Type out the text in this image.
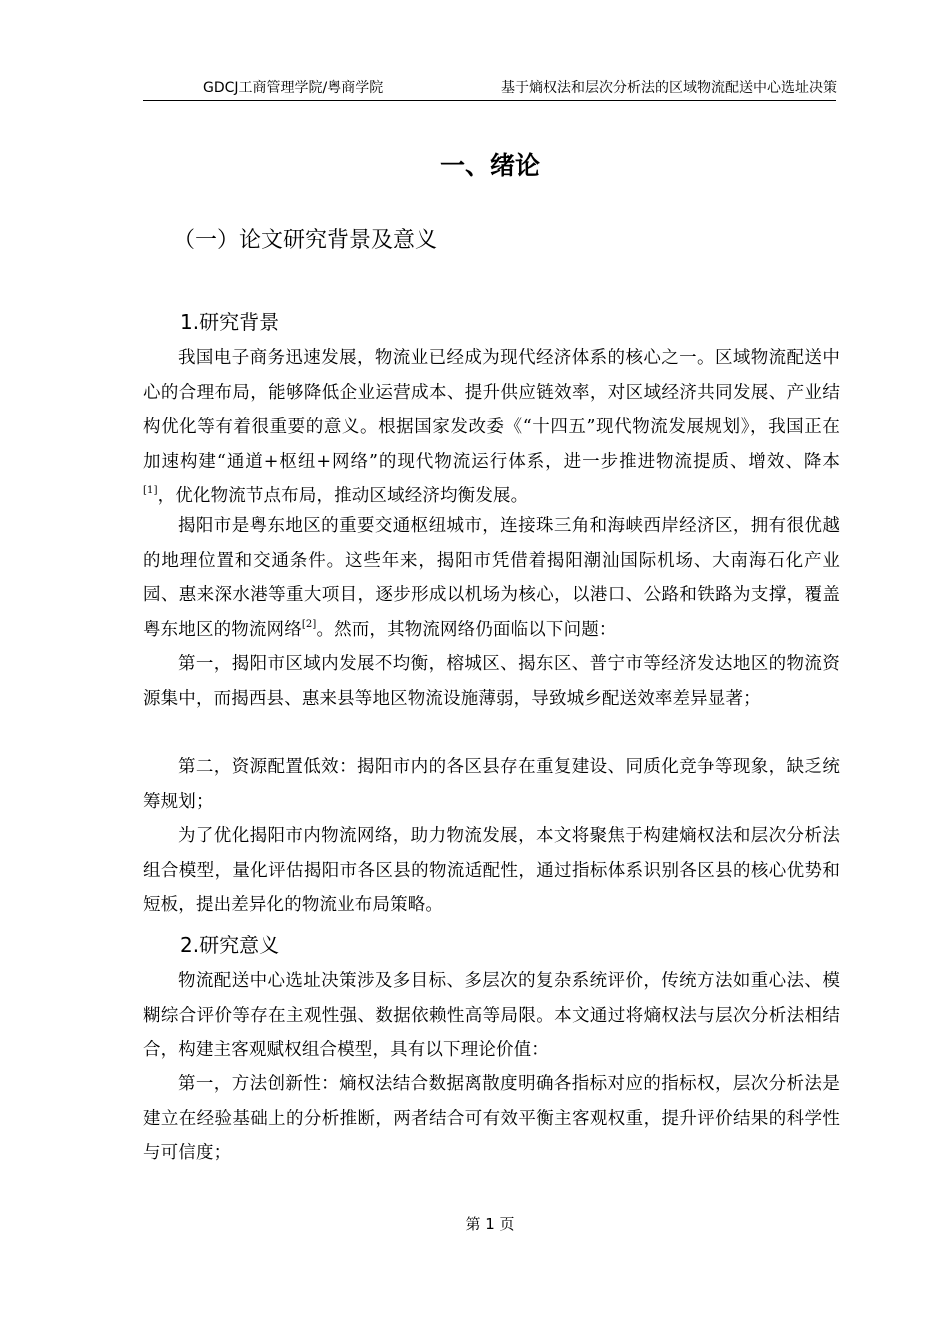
GDCJ工商管理学院/粤商学院	基于熵权法和层次分析法的区域物流配送中心选址决策
一、绪论
（一）论文研究背景及意义
1.研究背景

我国电子商务迅速发展，物流业已经成为现代经济体系的核心之一。区域物流配送中心的合理布局，能够降低企业运营成本、提升供应链效率，对区域经济共同发展、产业结构优化等有着很重要的意义。根据国家发改委《“十四五”现代物流发展规划》，我国正在加速构建“通道+枢纽+网络”的现代物流运行体系，进一步推进物流提质、增效、降本[1]，优化物流节点布局，推动区域经济均衡发展。

揭阳市是粤东地区的重要交通枢纽城市，连接珠三角和海峡西岸经济区，拥有很优越的地理位置和交通条件。这些年来，揭阳市凭借着揭阳潮汕国际机场、大南海石化产业园、惠来深水港等重大项目，逐步形成以机场为核心，以港口、公路和铁路为支撑，覆盖粤东地区的物流网络[2]。然而，其物流网络仍面临以下问题：

第一，揭阳市区域内发展不均衡，榕城区、揭东区、普宁市等经济发达地区的物流资源集中，而揭西县、惠来县等地区物流设施薄弱，导致城乡配送效率差异显著；

第二，资源配置低效：揭阳市内的各区县存在重复建设、同质化竞争等现象，缺乏统筹规划；

为了优化揭阳市内物流网络，助力物流发展，本文将聚焦于构建熵权法和层次分析法组合模型，量化评估揭阳市各区县的物流适配性，通过指标体系识别各区县的核心优势和短板，提出差异化的物流业布局策略。

2.研究意义

物流配送中心选址决策涉及多目标、多层次的复杂系统评价，传统方法如重心法、模糊综合评价等存在主观性强、数据依赖性高等局限。本文通过将熵权法与层次分析法相结合，构建主客观赋权组合模型，具有以下理论价值：

第一，方法创新性：熵权法结合数据离散度明确各指标对应的指标权，层次分析法是建立在经验基础上的分析推断，两者结合可有效平衡主客观权重，提升评价结果的科学性与可信度；

第 1 页
